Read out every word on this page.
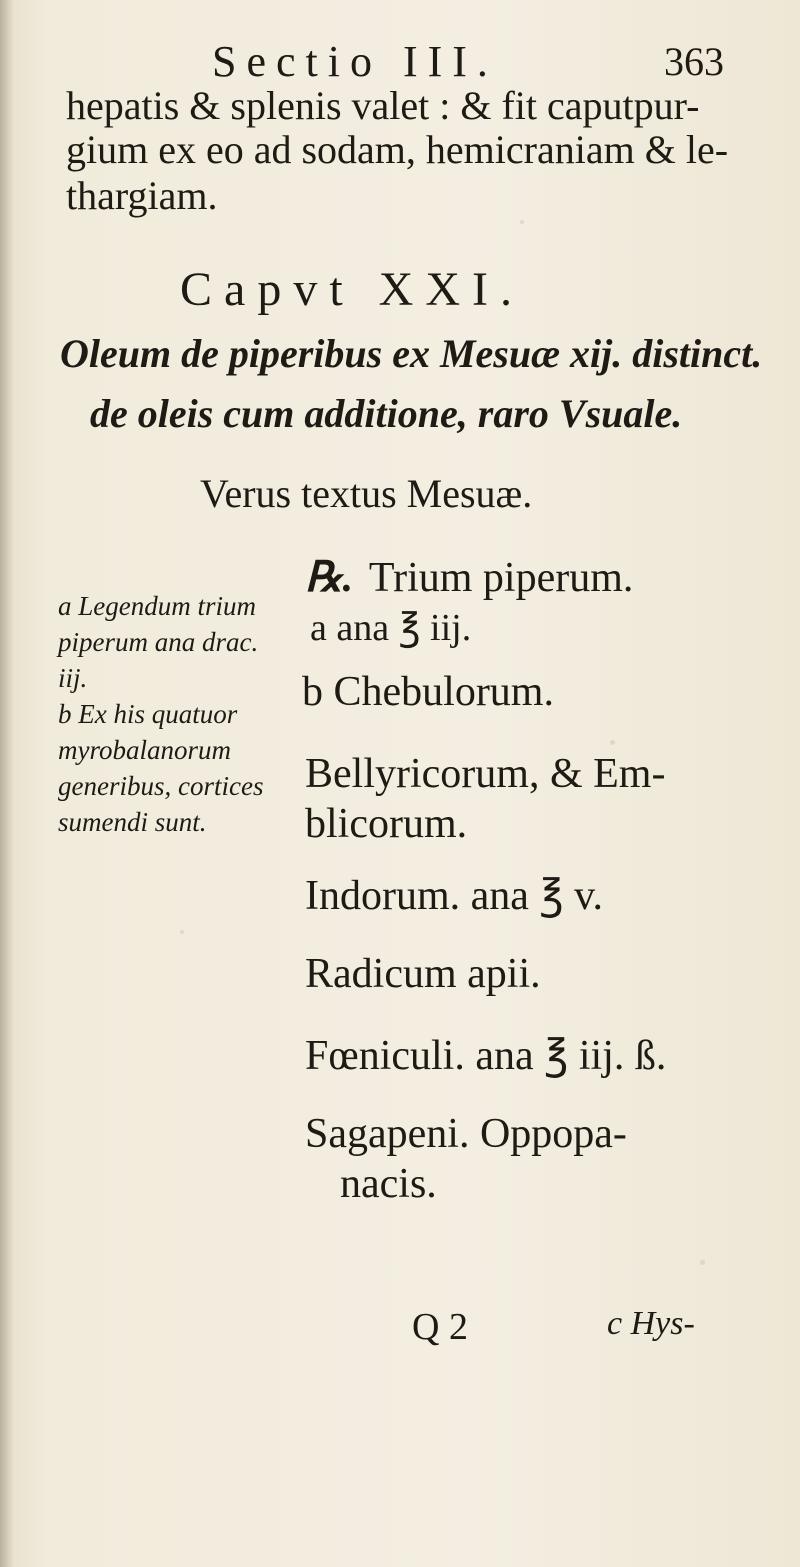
Sectio III.	363
hepatis & splenis valet : & fit caputpur-
gium ex eo ad sodam, hemicraniam & le-
thargiam.
Capvt XXI.
Oleum de piperibus ex Mesuæ xij. distinct.
de oleis cum additione, raro Vsuale.
Verus textus Mesuæ.
℞. Trium piperum.
a ana ℥ iij.
b Chebulorum.
Bellyricorum, & Em-
blicorum.
Indorum. ana ℥ v.
Radicum apii.
Fœniculi. ana ℥ iij. ß.
Sagapeni. Oppopa-
nacis.
a Legendum trium
piperum ana drac.
iij.
b Ex his quatuor
myrobalanorum
generibus, cortices
sumendi sunt.
Q 2	c Hys-
